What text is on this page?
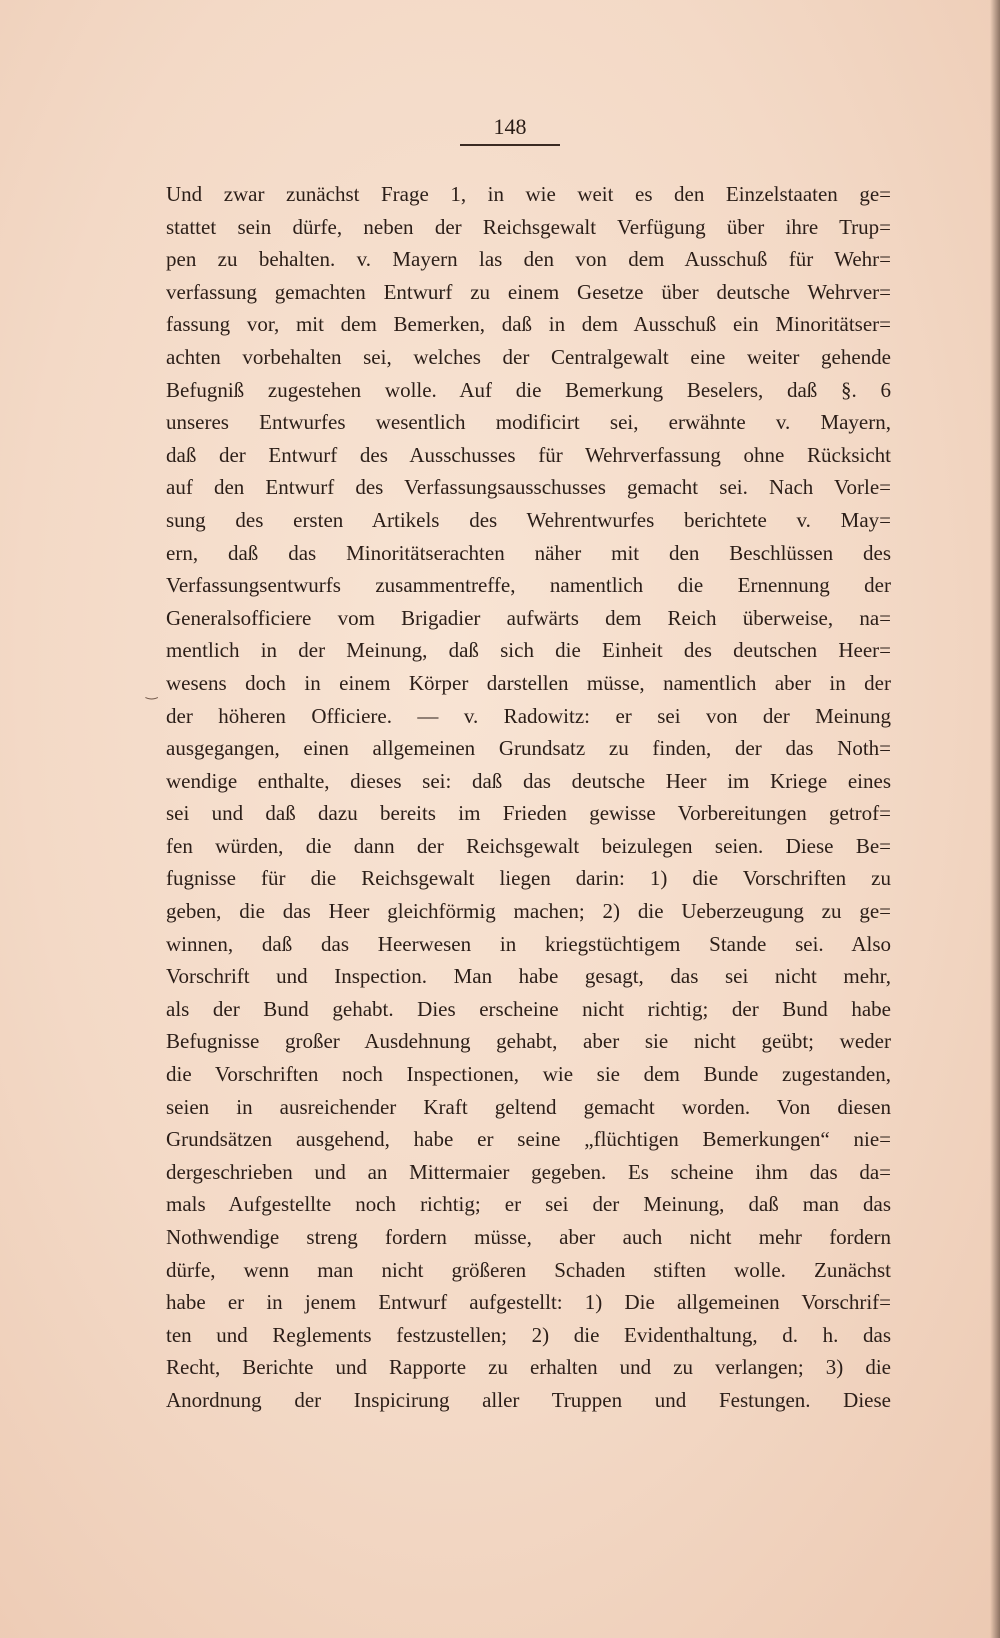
148
‿
Und zwar zunächst Frage 1, in wie weit es den Einzelstaaten ge=
stattet sein dürfe, neben der Reichsgewalt Verfügung über ihre Trup=
pen zu behalten. v. Mayern las den von dem Ausschuß für Wehr=
verfassung gemachten Entwurf zu einem Gesetze über deutsche Wehrver=
fassung vor, mit dem Bemerken, daß in dem Ausschuß ein Minoritätser=
achten vorbehalten sei, welches der Centralgewalt eine weiter gehende
Befugniß zugestehen wolle. Auf die Bemerkung Beselers, daß §. 6
unseres Entwurfes wesentlich modificirt sei, erwähnte v. Mayern,
daß der Entwurf des Ausschusses für Wehrverfassung ohne Rücksicht
auf den Entwurf des Verfassungsausschusses gemacht sei. Nach Vorle=
sung des ersten Artikels des Wehrentwurfes berichtete v. May=
ern, daß das Minoritätserachten näher mit den Beschlüssen des
Verfassungsentwurfs zusammentreffe, namentlich die Ernennung der
Generalsofficiere vom Brigadier aufwärts dem Reich überweise, na=
mentlich in der Meinung, daß sich die Einheit des deutschen Heer=
wesens doch in einem Körper darstellen müsse, namentlich aber in der
der höheren Officiere. — v. Radowitz: er sei von der Meinung
ausgegangen, einen allgemeinen Grundsatz zu finden, der das Noth=
wendige enthalte, dieses sei: daß das deutsche Heer im Kriege eines
sei und daß dazu bereits im Frieden gewisse Vorbereitungen getrof=
fen würden, die dann der Reichsgewalt beizulegen seien. Diese Be=
fugnisse für die Reichsgewalt liegen darin: 1) die Vorschriften zu
geben, die das Heer gleichförmig machen; 2) die Ueberzeugung zu ge=
winnen, daß das Heerwesen in kriegstüchtigem Stande sei. Also
Vorschrift und Inspection. Man habe gesagt, das sei nicht mehr,
als der Bund gehabt. Dies erscheine nicht richtig; der Bund habe
Befugnisse großer Ausdehnung gehabt, aber sie nicht geübt; weder
die Vorschriften noch Inspectionen, wie sie dem Bunde zugestanden,
seien in ausreichender Kraft geltend gemacht worden. Von diesen
Grundsätzen ausgehend, habe er seine „flüchtigen Bemerkungen“ nie=
dergeschrieben und an Mittermaier gegeben. Es scheine ihm das da=
mals Aufgestellte noch richtig; er sei der Meinung, daß man das
Nothwendige streng fordern müsse, aber auch nicht mehr fordern
dürfe, wenn man nicht größeren Schaden stiften wolle. Zunächst
habe er in jenem Entwurf aufgestellt: 1) Die allgemeinen Vorschrif=
ten und Reglements festzustellen; 2) die Evidenthaltung, d. h. das
Recht, Berichte und Rapporte zu erhalten und zu verlangen; 3) die
Anordnung der Inspicirung aller Truppen und Festungen. Diese
